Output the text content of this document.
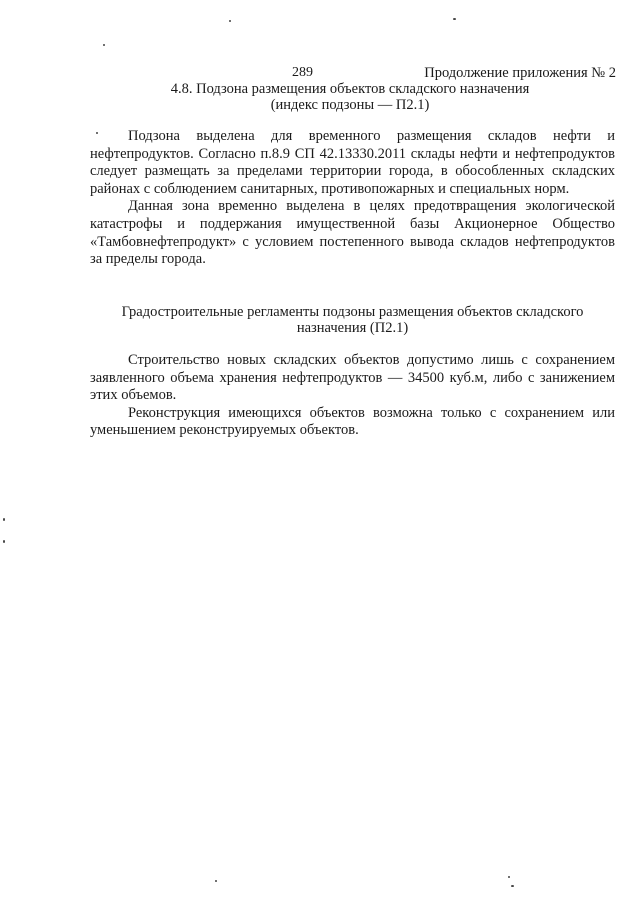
289	Продолжение приложения № 2
4.8. Подзона размещения объектов складского назначения
(индекс подзоны — П2.1)

Подзона выделена для временного размещения складов нефти и нефтепродуктов. Согласно п.8.9 СП 42.13330.2011 склады нефти и нефтепродуктов следует размещать за пределами территории города, в обособленных складских районах с соблюдением санитарных, противопожарных и специальных норм.

Данная зона временно выделена в целях предотвращения экологической катастрофы и поддержания имущественной базы Акционерное Общество «Тамбовнефтепродукт» с условием постепенного вывода складов нефтепродуктов за пределы города.

Градостроительные регламенты подзоны размещения объектов складского назначения (П2.1)

Строительство новых складских объектов допустимо лишь с сохранением заявленного объема хранения нефтепродуктов — 34500 куб.м, либо с занижением этих объемов.

Реконструкция имеющихся объектов возможна только с сохранением или уменьшением реконструируемых объектов.
